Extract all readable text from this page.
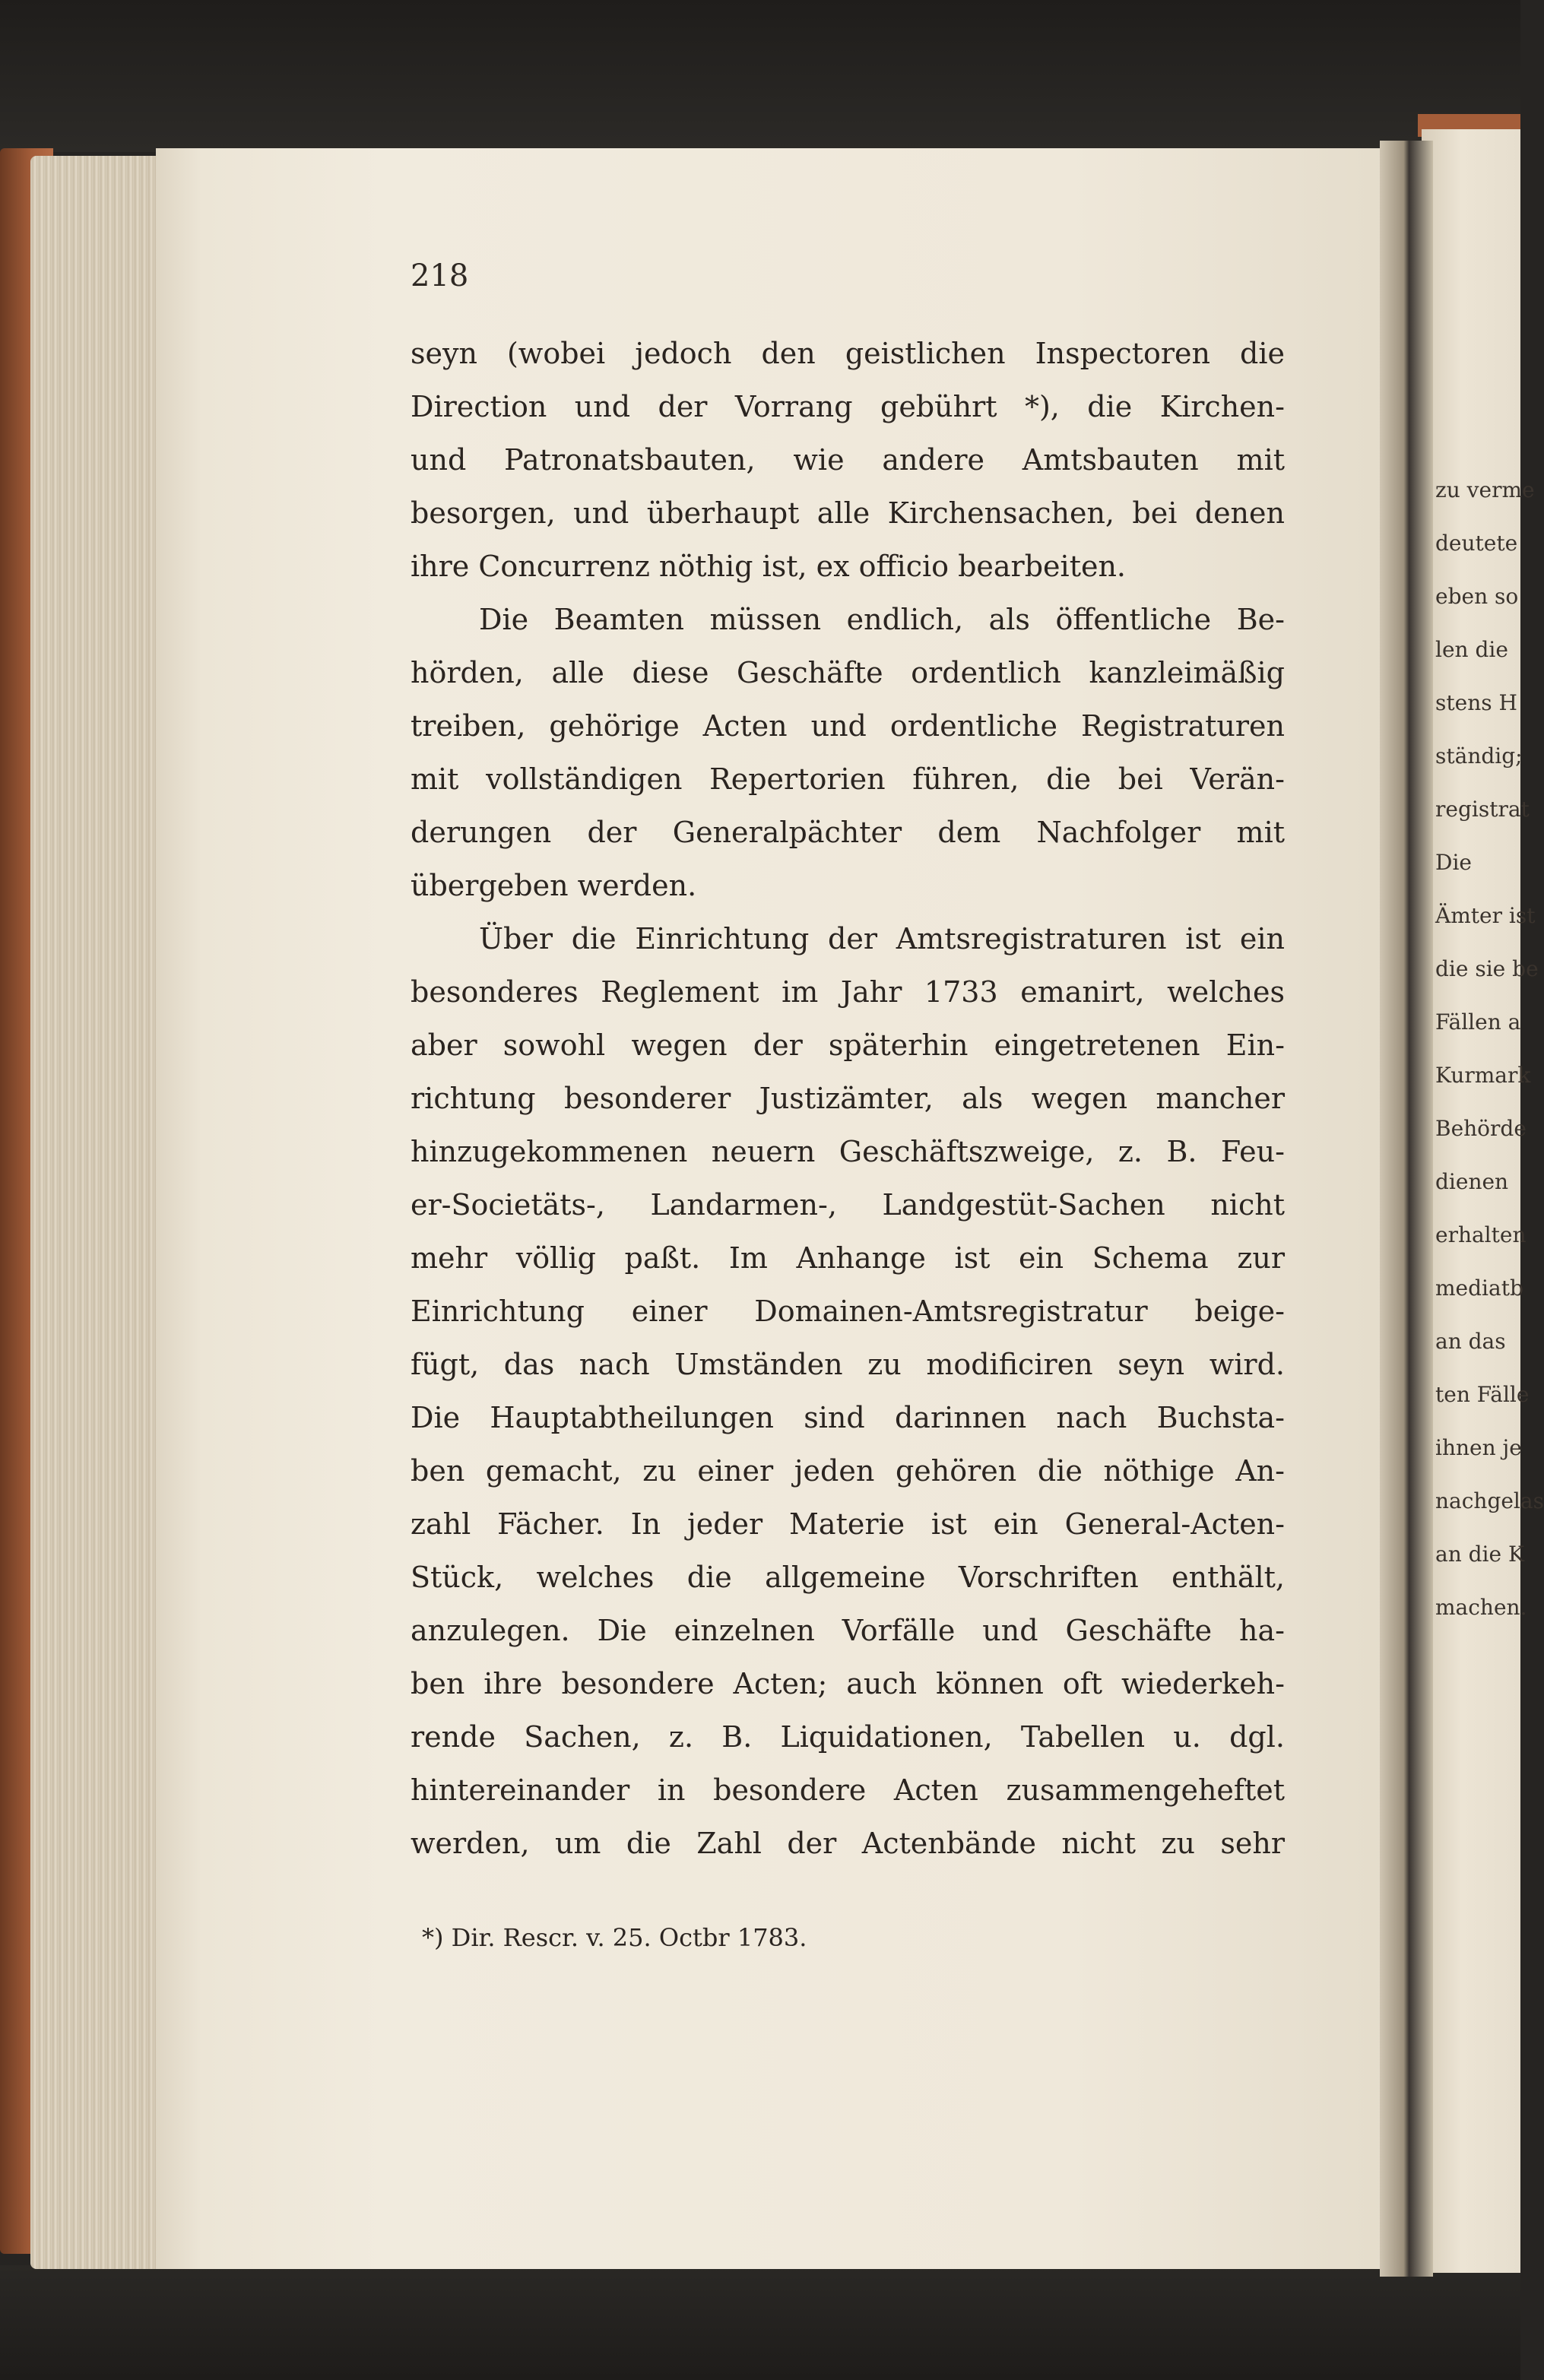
zu verme
deutete
eben so
len die
stens H
ständig;
registrat
Die
Ämter ist
die sie be
Fällen a
Kurmark
Behörde
dienen
erhalten
mediatb
an das
ten Fälle
ihnen je
nachgelas
an die K
machen.
218
seyn (wobei jedoch den geistlichen Inspectoren die
Direction und der Vorrang gebührt *), die Kirchen-
und Patronatsbauten, wie andere Amtsbauten mit
besorgen, und überhaupt alle Kirchensachen, bei denen
ihre Concurrenz nöthig ist, ex officio bearbeiten.
Die Beamten müssen endlich, als öffentliche Be-
hörden, alle diese Geschäfte ordentlich kanzleimäßig
treiben, gehörige Acten und ordentliche Registraturen
mit vollständigen Repertorien führen, die bei Verän-
derungen der Generalpächter dem Nachfolger mit
übergeben werden.
Über die Einrichtung der Amtsregistraturen ist ein
besonderes Reglement im Jahr 1733 emanirt, welches
aber sowohl wegen der späterhin eingetretenen Ein-
richtung besonderer Justizämter, als wegen mancher
hinzugekommenen neuern Geschäftszweige, z. B. Feu-
er-Societäts-, Landarmen-, Landgestüt-Sachen nicht
mehr völlig paßt. Im Anhange ist ein Schema zur
Einrichtung einer Domainen-Amtsregistratur beige-
fügt, das nach Umständen zu modificiren seyn wird.
Die Hauptabtheilungen sind darinnen nach Buchsta-
ben gemacht, zu einer jeden gehören die nöthige An-
zahl Fächer. In jeder Materie ist ein General-Acten-
Stück, welches die allgemeine Vorschriften enthält,
anzulegen. Die einzelnen Vorfälle und Geschäfte ha-
ben ihre besondere Acten; auch können oft wiederkeh-
rende Sachen, z. B. Liquidationen, Tabellen u. dgl.
hintereinander in besondere Acten zusammengeheftet
werden, um die Zahl der Actenbände nicht zu sehr
*) Dir. Rescr. v. 25. Octbr 1783.
